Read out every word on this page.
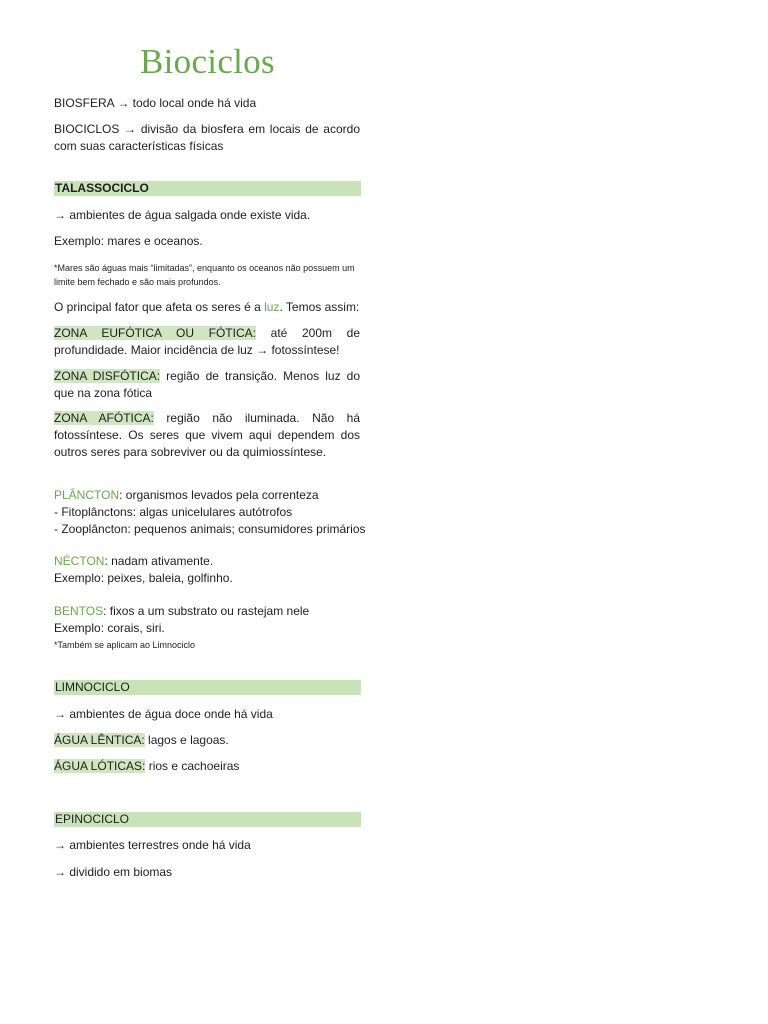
Biociclos

BIOSFERA → todo local onde há vida

BIOCICLOS → divisão da biosfera em locais de acordo com suas características físicas

TALASSOCICLO

→ ambientes de água salgada onde existe vida.

Exemplo: mares e oceanos.

*Mares são águas mais “limitadas”, enquanto os oceanos não possuem um limite bem fechado e são mais profundos.

O principal fator que afeta os seres é a luz. Temos assim:

ZONA EUFÓTICA OU FÓTICA: até 200m de profundidade. Maior incidência de luz → fotossíntese!

ZONA DISFÓTICA: região de transição. Menos luz do que na zona fótica

ZONA AFÓTICA: região não iluminada. Não há fotossíntese. Os seres que vivem aqui dependem dos outros seres para sobreviver ou da quimiossíntese.

PLÂNCTON: organismos levados pela correnteza
- Fitoplânctons: algas unicelulares autótrofos
- Zooplâncton: pequenos animais; consumidores primários

NÉCTON: nadam ativamente.
Exemplo: peixes, baleia, golfinho.

BENTOS: fixos a um substrato ou rastejam nele
Exemplo: corais, siri.

*Também se aplicam ao Limnociclo

LIMNOCICLO

→ ambientes de água doce onde há vida

ÁGUA LÊNTICA: lagos e lagoas.

ÁGUA LÓTICAS: rios e cachoeiras

EPINOCICLO

→ ambientes terrestres onde há vida

→ dividido em biomas
